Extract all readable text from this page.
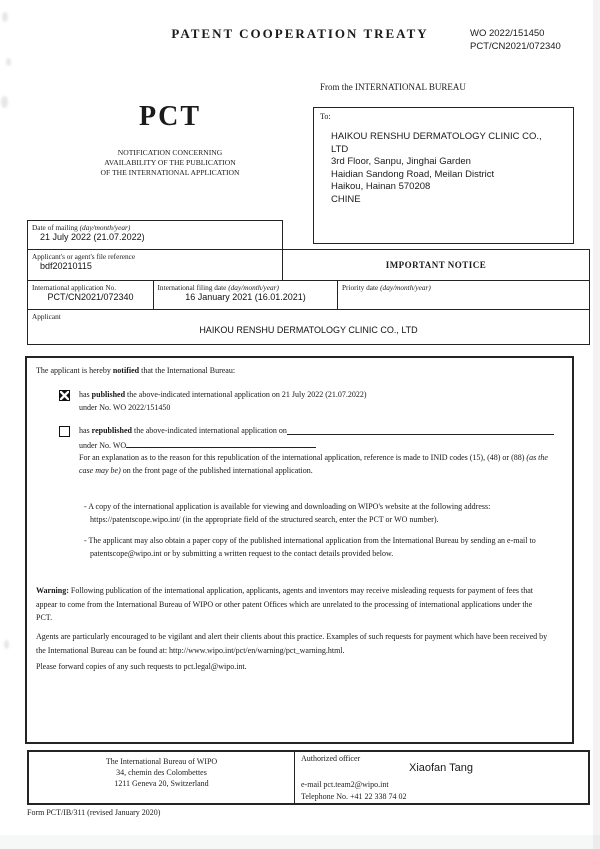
PATENT COOPERATION TREATY	WO 2022/151450
PCT/CN2021/072340
From the INTERNATIONAL BUREAU
PCT
NOTIFICATION CONCERNING
AVAILABILITY OF THE PUBLICATION
OF THE INTERNATIONAL APPLICATION
To:
HAIKOU RENSHU DERMATOLOGY CLINIC CO.,
LTD
3rd Floor, Sanpu, Jinghai Garden
Haidian Sandong Road, Meilan District
Haikou, Hainan 570208
CHINE
Date of mailing (day/month/year)
21 July 2022 (21.07.2022)
Applicant's or agent's file reference
bdf20210115	IMPORTANT NOTICE
International application No.
PCT/CN2021/072340
International filing date (day/month/year)
16 January 2021 (16.01.2021)
Priority date (day/month/year)
Applicant
HAIKOU RENSHU DERMATOLOGY CLINIC CO., LTD
The applicant is hereby notified that the International Bureau:
has published the above-indicated international application on 21 July 2022 (21.07.2022)
under No. WO 2022/151450
has republished the above-indicated international application on
under No. WO
For an explanation as to the reason for this republication of the international application, reference is made to INID codes (15), (48) or (88) (as the case may be) on the front page of the published international application.
- A copy of the international application is available for viewing and downloading on WIPO's website at the following address: https://patentscope.wipo.int/ (in the appropriate field of the structured search, enter the PCT or WO number).
- The applicant may also obtain a paper copy of the published international application from the International Bureau by sending an e-mail to patentscope@wipo.int or by submitting a written request to the contact details provided below.
Warning: Following publication of the international application, applicants, agents and inventors may receive misleading requests for payment of fees that appear to come from the International Bureau of WIPO or other patent Offices which are unrelated to the processing of international applications under the PCT.
Agents are particularly encouraged to be vigilant and alert their clients about this practice. Examples of such requests for payment which have been received by the International Bureau can be found at: http://www.wipo.int/pct/en/warning/pct_warning.html.
Please forward copies of any such requests to pct.legal@wipo.int.
The International Bureau of WIPO
34, chemin des Colombettes
1211 Geneva 20, Switzerland
Authorized officer
Xiaofan Tang
e-mail pct.team2@wipo.int
Telephone No. +41 22 338 74 02
Form PCT/IB/311 (revised January 2020)
